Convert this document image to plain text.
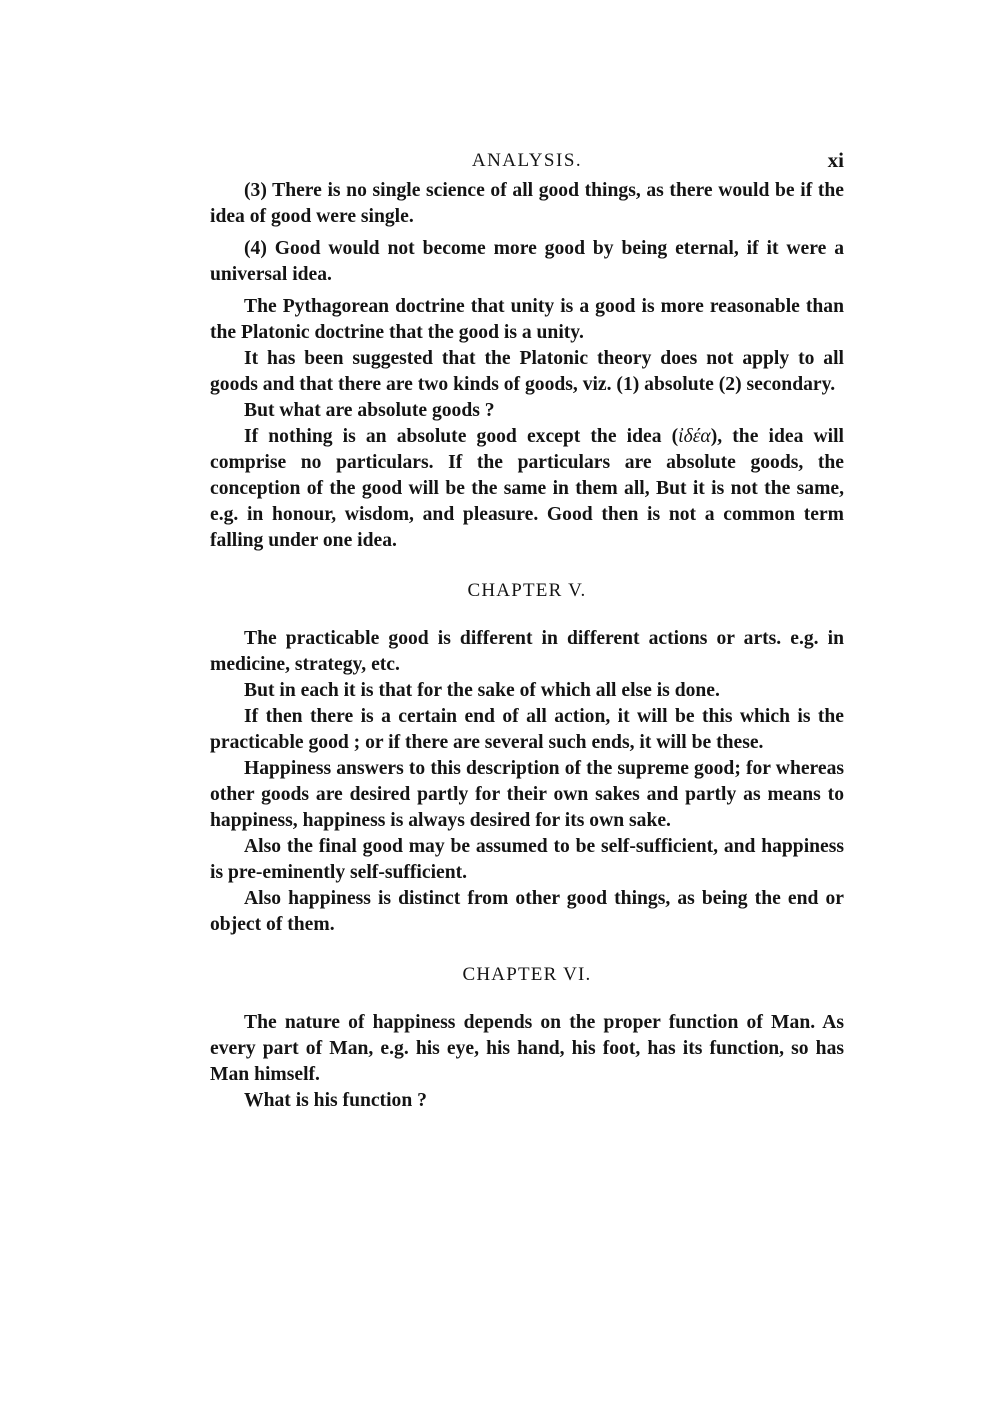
ANALYSIS.	xi

(3) There is no single science of all good things, as there would be if the idea of good were single.

(4) Good would not become more good by being eternal, if it were a universal idea.

The Pythagorean doctrine that unity is a good is more reasonable than the Platonic doctrine that the good is a unity.

It has been suggested that the Platonic theory does not apply to all goods and that there are two kinds of goods, viz. (1) absolute (2) secondary.

But what are absolute goods ?

If nothing is an absolute good except the idea (ἰδέα), the idea will comprise no particulars. If the particulars are absolute goods, the conception of the good will be the same in them all, But it is not the same, e.g. in honour, wisdom, and pleasure. Good then is not a common term falling under one idea.

CHAPTER V.

The practicable good is different in different actions or arts. e.g. in medicine, strategy, etc.

But in each it is that for the sake of which all else is done.

If then there is a certain end of all action, it will be this which is the practicable good ; or if there are several such ends, it will be these.

Happiness answers to this description of the supreme good; for whereas other goods are desired partly for their own sakes and partly as means to happiness, happiness is always desired for its own sake.

Also the final good may be assumed to be self-sufficient, and happiness is pre-eminently self-sufficient.

Also happiness is distinct from other good things, as being the end or object of them.

CHAPTER VI.

The nature of happiness depends on the proper function of Man. As every part of Man, e.g. his eye, his hand, his foot, has its function, so has Man himself.

What is his function ?
